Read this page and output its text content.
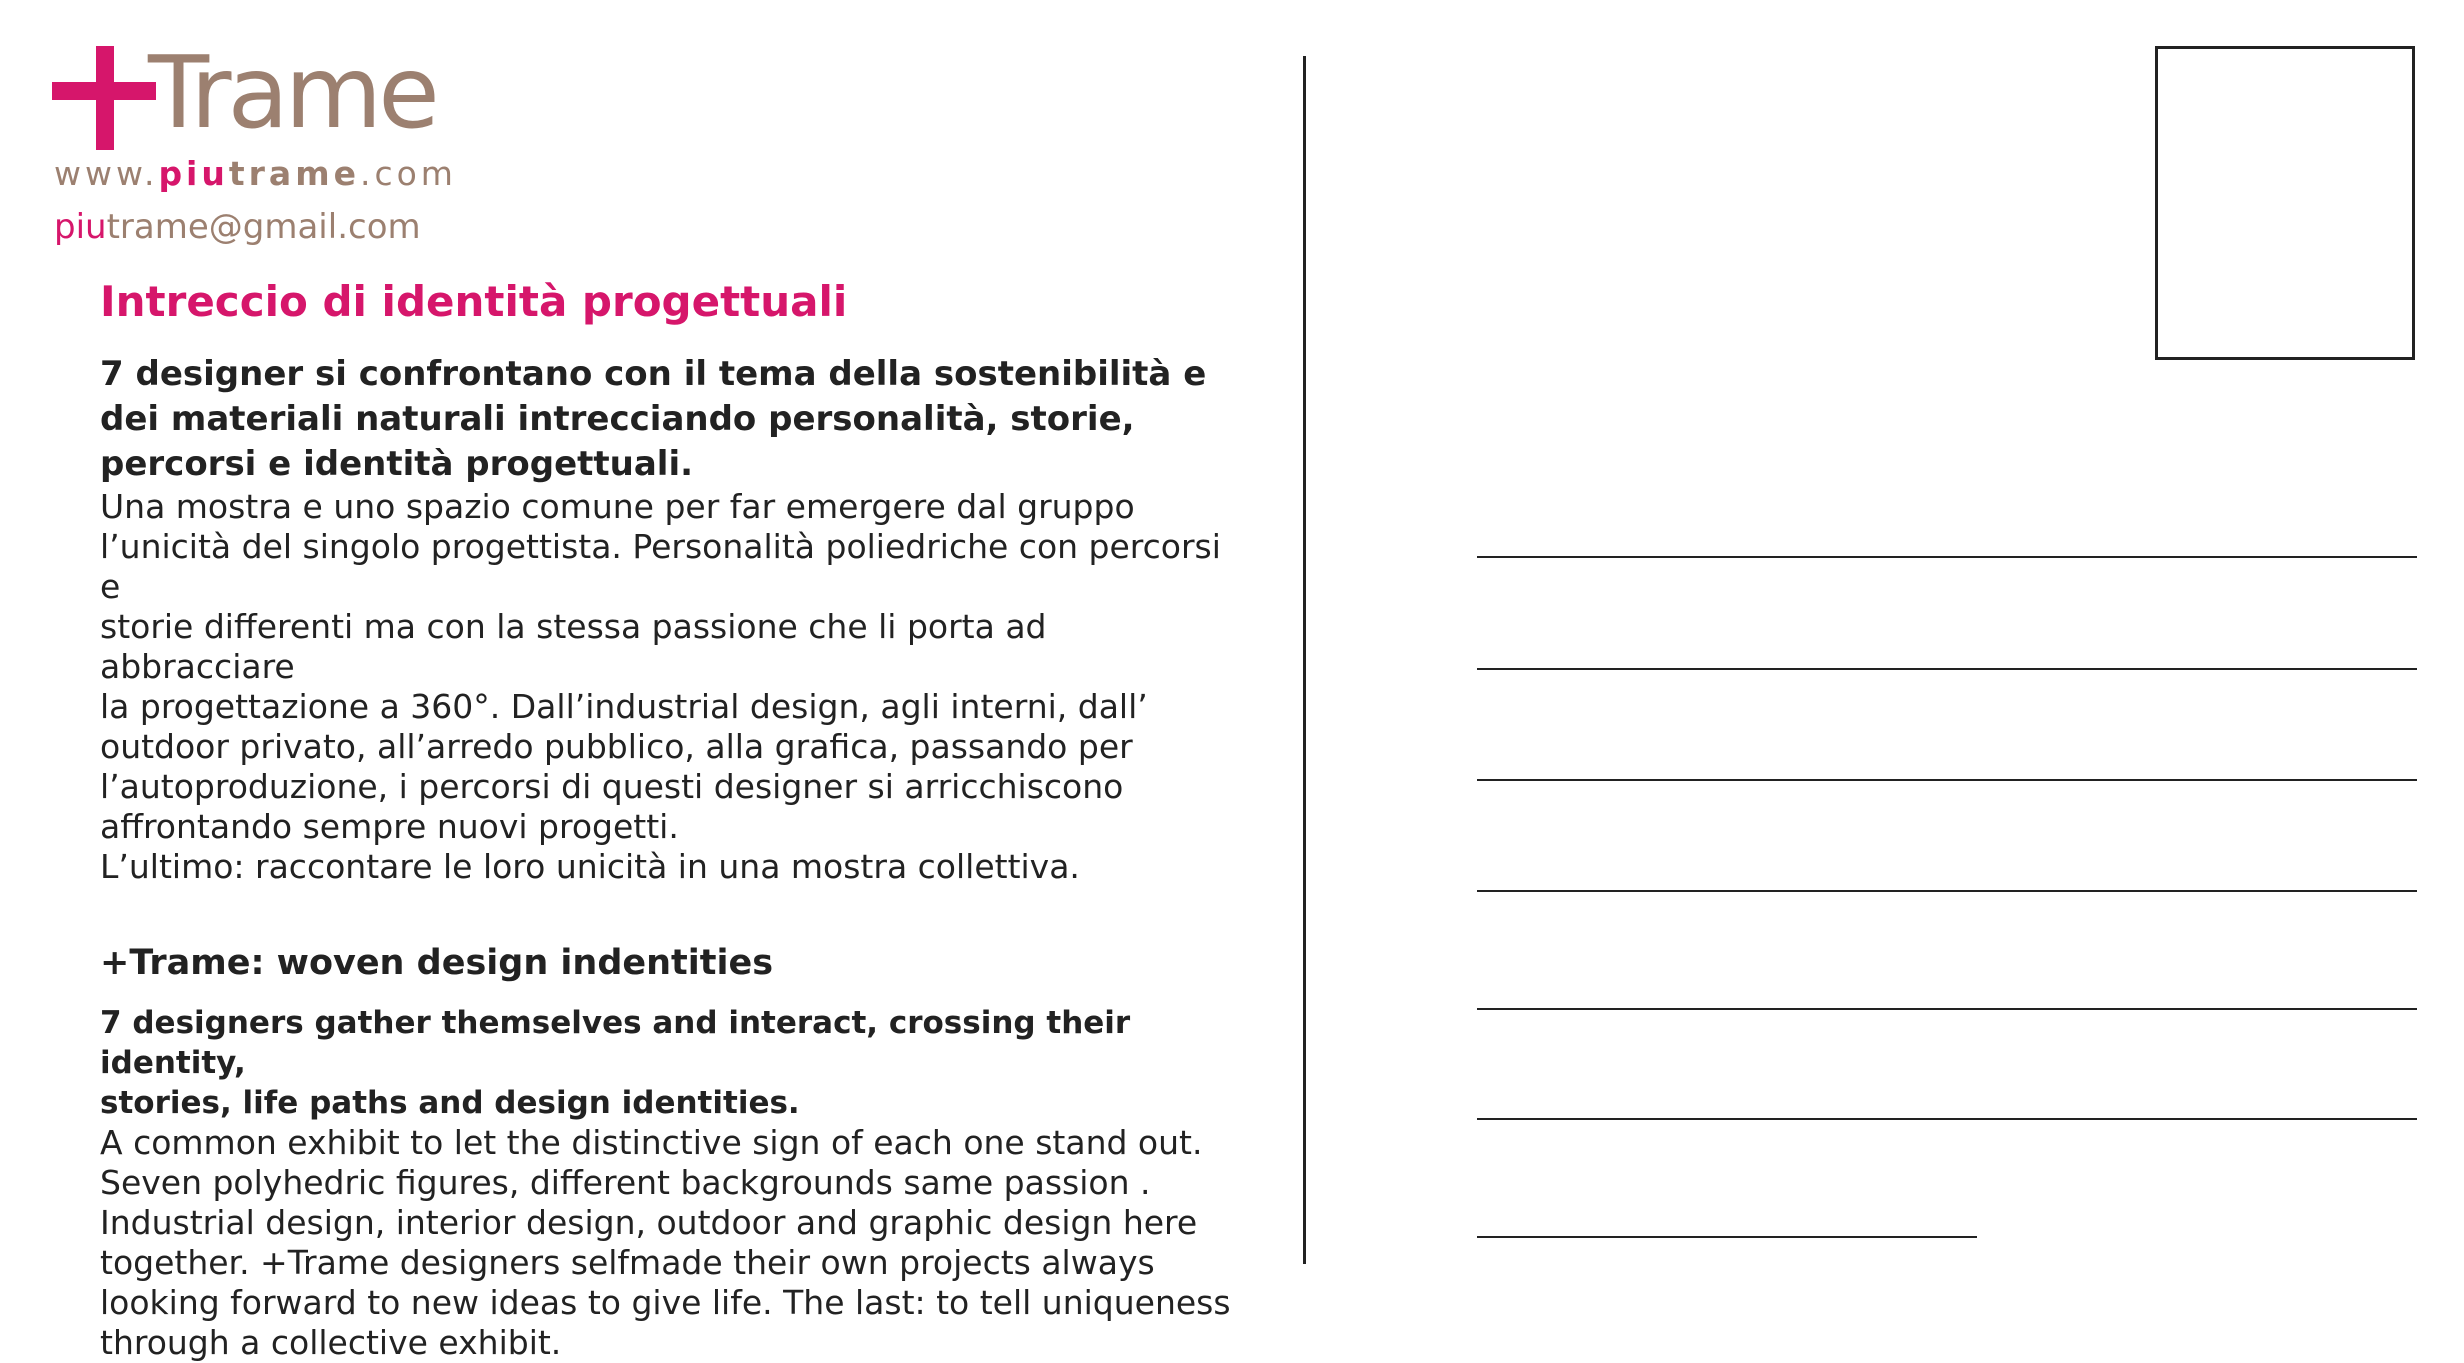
Trame
www.piutrame.com
piutrame@gmail.com
Intreccio di identità progettuali

7 designer si confrontano con il tema della sostenibilità e dei materiali naturali intrecciando personalità, storie, percorsi e identità progettuali.

Una mostra e uno spazio comune per far emergere dal gruppo
l’unicità del singolo progettista. Personalità poliedriche con percorsi e
storie differenti ma con la stessa passione che li porta ad abbracciare
la progettazione a 360°. Dall’industrial design, agli interni, dall’
outdoor privato, all’arredo pubblico, alla grafica, passando per
l’autoproduzione, i percorsi di questi designer si arricchiscono
affrontando sempre nuovi progetti.
L’ultimo: raccontare le loro unicità in una mostra collettiva.
+Trame: woven design indentities
7 designers gather themselves and interact, crossing their identity,
stories, life paths and design identities.
A common exhibit to let the distinctive sign of each one stand out.
Seven polyhedric figures, different backgrounds same passion .
Industrial design, interior design, outdoor and graphic design here
together. +Trame designers selfmade their own projects always
looking forward to new ideas to give life. The last: to tell uniqueness
through a collective exhibit.
